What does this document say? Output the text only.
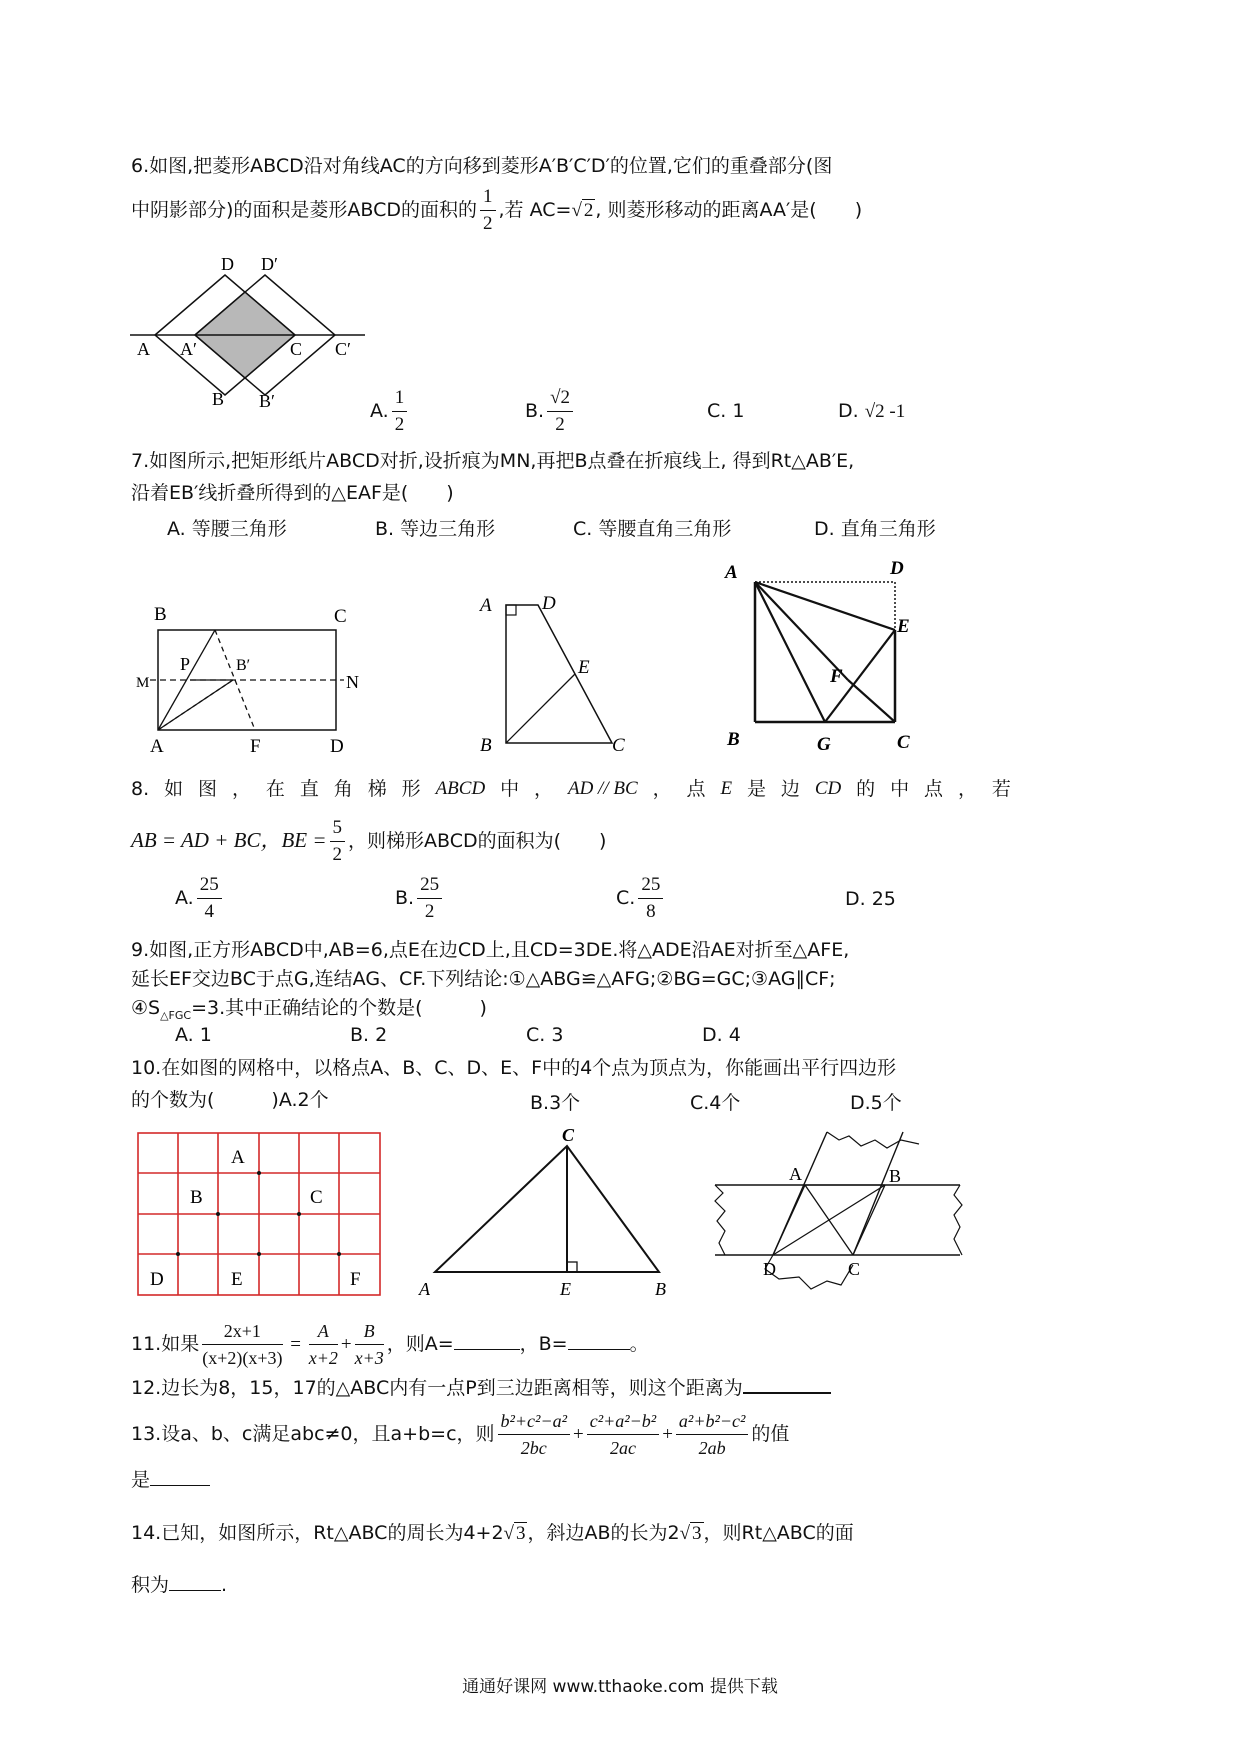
6.如图,把菱形ABCD沿对角线AC的方向移到菱形A′B′C′D′的位置,它们的重叠部分(图
中阴影部分)的面积是菱形ABCD的面积的 $\frac{1}{2}$ ,若 AC=√ 2 , 则菱形移动的距离AA′是(　　)
D D′
A A′	C C′
B B′	A. $\frac{1}{2}$	B. $\frac{√2}{2}$	C. 1	D. √2 -1
7.如图所示,把矩形纸片ABCD对折,设折痕为MN,再把B点叠在折痕线上, 得到Rt△AB′E,
沿着EB′线折叠所得到的△EAF是(　　)
A. 等腰三角形	B. 等边三角形	C. 等腰直角三角形	D. 直角三角形
B	C
P	B′
M	N
A	F	D
A	D
E
B	C
A	D
E
F
B	G	C
8. 如 图 ， 在 直 角 梯 形 ABCD 中 ， AD // BC ， 点 E 是 边 CD 的 中 点 ， 若
AB = AD + BC，BE = $\frac{5}{2}$ ，则梯形ABCD的面积为(　　)
A. $\frac{25}{4}$	B. $\frac{25}{2}$	C. $\frac{25}{8}$	D. 25
9.如图,正方形ABCD中,AB=6,点E在边CD上,且CD=3DE.将△ADE沿AE对折至△AFE,
延长EF交边BC于点G,连结AG、CF.下列结论:①△ABG≌△AFG;②BG=GC;③AG∥CF;
$④S_{\triangle FGC}=3$.其中正确结论的个数是(　　　)
A. 1	B. 2	C. 3	D. 4
10.在如图的网格中，以格点A、B、C、D、E、F中的4个点为顶点为，你能画出平行四边形
的个数为(　　　)A.2个	B.3个	C.4个	D.5个
A
B	C
D	E	F
C
A	E	B
A	B
D	C
11.如果 $\frac{2x+1}{(x+2)(x+3)} = \frac{A}{x+2} + \frac{B}{x+3}$ ，则A=	，B=	。
12.边长为8，15，17的△ABC内有一点P到三边距离相等，则这个距离为
13.设a、b、c满足abc≠0，且a+b=c，则 $\frac{\text{b²+c²−a²}}{2bc} + \frac{\text{c²+a²−b²}}{2ac} + \frac{\text{a²+b²−c²}}{2ab}$ 的值
是
14.已知，如图所示，Rt△ABC的周长为4+2√ 3 ，斜边AB的长为2√ 3 ，则Rt△ABC的面
积为	.
通通好课网 www.tthaoke.com 提供下载
